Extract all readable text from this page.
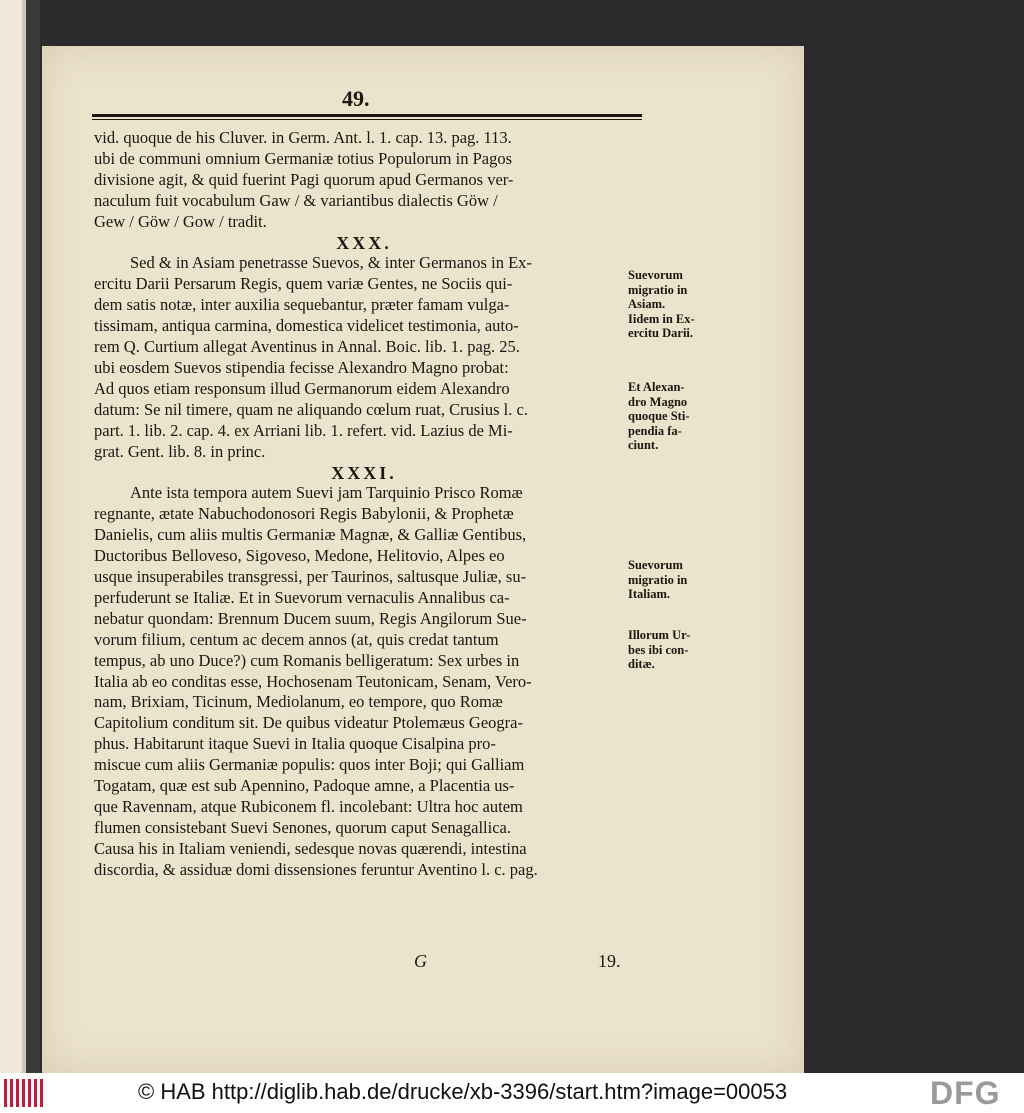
49.
vid. quoque de his Cluver. in Germ. Ant. l. 1. cap. 13. pag. 113.
ubi de communi omnium Germaniæ totius Populorum in Pagos
divisione agit, & quid fuerint Pagi quorum apud Germanos ver-
naculum fuit vocabulum Gaw / & variantibus dialectis Göw /
Gew / Göw / Gow / tradit.
XXX.
Sed & in Asiam penetrasse Suevos, & inter Germanos in Ex-
ercitu Darii Persarum Regis, quem variæ Gentes, ne Sociis qui-
dem satis notæ, inter auxilia sequebantur, præter famam vulga-
tissimam, antiqua carmina, domestica videlicet testimonia, auto-
rem Q. Curtium allegat Aventinus in Annal. Boic. lib. 1. pag. 25.
ubi eosdem Suevos stipendia fecisse Alexandro Magno probat:
Ad quos etiam responsum illud Germanorum eidem Alexandro
datum: Se nil timere, quam ne aliquando cœlum ruat, Crusius l. c.
part. 1. lib. 2. cap. 4. ex Arriani lib. 1. refert. vid. Lazius de Mi-
grat. Gent. lib. 8. in princ.
XXXI.
Ante ista tempora autem Suevi jam Tarquinio Prisco Romæ
regnante, ætate Nabuchodonosori Regis Babylonii, & Prophetæ
Danielis, cum aliis multis Germaniæ Magnæ, & Galliæ Gentibus,
Ductoribus Belloveso, Sigoveso, Medone, Helitovio, Alpes eo
usque insuperabiles transgressi, per Taurinos, saltusque Juliæ, su-
perfuderunt se Italiæ. Et in Suevorum vernaculis Annalibus ca-
nebatur quondam: Brennum Ducem suum, Regis Angilorum Sue-
vorum filium, centum ac decem annos (at, quis credat tantum
tempus, ab uno Duce?) cum Romanis belligeratum: Sex urbes in
Italia ab eo conditas esse, Hochosenam Teutonicam, Senam, Vero-
nam, Brixiam, Ticinum, Mediolanum, eo tempore, quo Romæ
Capitolium conditum sit. De quibus videatur Ptolemæus Geogra-
phus. Habitarunt itaque Suevi in Italia quoque Cisalpina pro-
miscue cum aliis Germaniæ populis: quos inter Boji; qui Galliam
Togatam, quæ est sub Apennino, Padoque amne, a Placentia us-
que Ravennam, atque Rubiconem fl. incolebant: Ultra hoc autem
flumen consistebant Suevi Senones, quorum caput Senagallica.
Causa his in Italiam veniendi, sedesque novas quærendi, intestina
discordia, & assiduæ domi dissensiones feruntur Aventino l. c. pag.
Suevorum
migratio in
Asiam.
Iidem in Ex-
ercitu Darii.
Et Alexan-
dro Magno
quoque Sti-
pendia fa-
ciunt.
Suevorum
migratio in
Italiam.
Illorum Ur-
bes ibi con-
ditæ.
G	19.
© HAB http://diglib.hab.de/drucke/xb-3396/start.htm?image=00053	DFG
